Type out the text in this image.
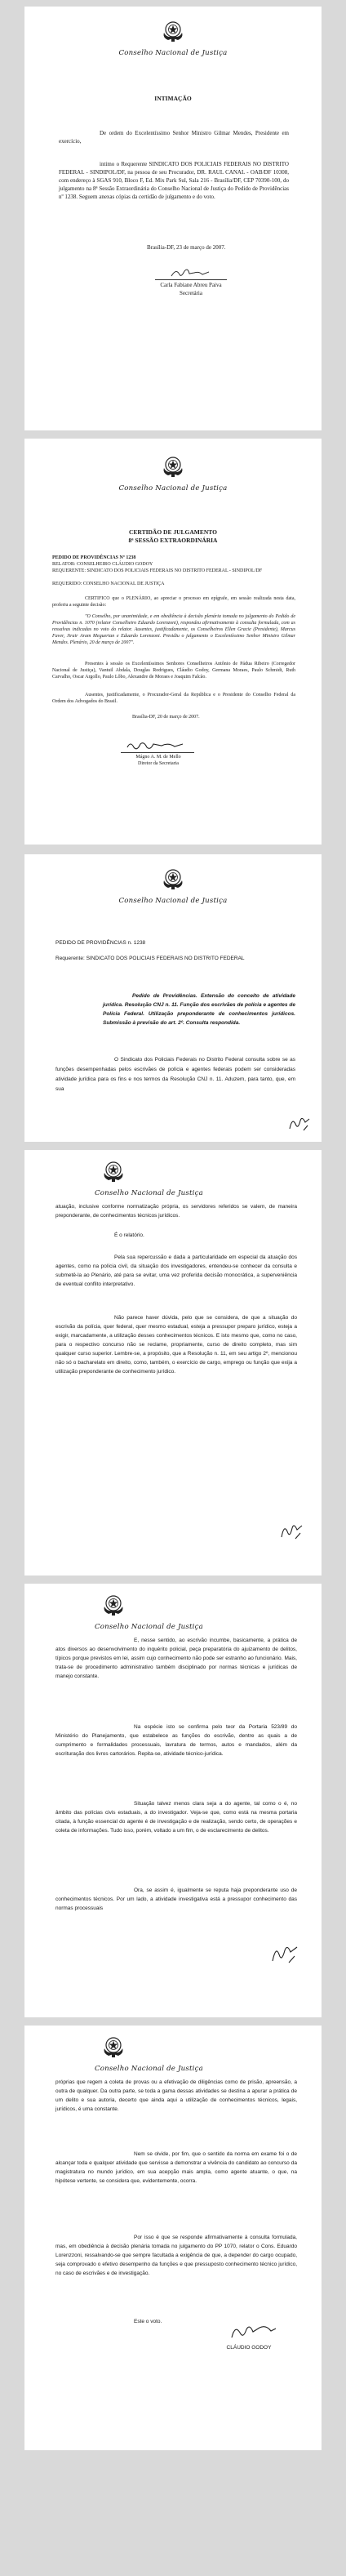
Conselho Nacional de Justiça
INTIMAÇÃO
De ordem do Excelentíssimo Senhor Ministro Gilmar Mendes, Presidente em exercício,
intimo o Requerente SINDICATO DOS POLICIAIS FEDERAIS NO DISTRITO FEDERAL - SINDIPOL/DF, na pessoa de seu Procurador, DR. RAUL CANAL - OAB/DF 10308, com endereço à SGAS 910, Bloco F, Ed. Mix Park Sul, Sala 216 - Brasília/DF, CEP 70390-100, do julgamento na 8ª Sessão Extraordinária do Conselho Nacional de Justiça do Pedido de Providências nº 1238. Seguem anexas cópias da certidão de julgamento e do voto.
Brasília-DF, 23 de março de 2007.
Carla Fabiane Abreu Paiva
Secretária
Conselho Nacional de Justiça
CERTIDÃO DE JULGAMENTO
8ª SESSÃO EXTRAORDINÁRIA
PEDIDO DE PROVIDÊNCIAS Nº 1238
RELATOR: CONSELHEIRO CLÁUDIO GODOY
REQUERENTE: SINDICATO DOS POLICIAIS FEDERAIS NO DISTRITO FEDERAL - SINDIPOL/DF
REQUERIDO: CONSELHO NACIONAL DE JUSTIÇA
CERTIFICO que o PLENÁRIO, ao apreciar o processo em epígrafe, em sessão realizada nesta data, proferiu a seguinte decisão:
"O Conselho, por unanimidade, e em obediência à decisão plenária tomada no julgamento do Pedido de Providências n. 1070 (relator Conselheiro Eduardo Lorenzoni), respondeu afirmativamente à consulta formulada, com as ressalvas indicadas no voto do relator. Ausentes, justificadamente, os Conselheiros Ellen Gracie (Presidente), Marcus Faver, Jirair Aram Meguerian e Eduardo Lorenzoni. Presidiu o julgamento o Excelentíssimo Senhor Ministro Gilmar Mendes. Plenário, 20 de março de 2007".
Presentes à sessão os Excelentíssimos Senhores Conselheiros Antônio de Pádua Ribeiro (Corregedor Nacional de Justiça), Vantuil Abdala, Douglas Rodrigues, Cláudio Godoy, Germana Moraes, Paulo Schmidt, Ruth Carvalho, Oscar Argollo, Paulo Lôbo, Alexandre de Moraes e Joaquim Falcão.
Ausentes, justificadamente, o Procurador-Geral da República e o Presidente do Conselho Federal da Ordem dos Advogados do Brasil.
Brasília-DF, 20 de março de 2007.
Mágno A. M. de Mello
Diretor da Secretaria
Conselho Nacional de Justiça
PEDIDO DE PROVIDÊNCIAS n. 1238
Requerente: SINDICATO DOS POLICIAIS FEDERAIS NO DISTRITO FEDERAL
Pedido de Providências. Extensão do conceito de atividade jurídica. Resolução CNJ n. 11. Função dos escrivães de polícia e agentes de Polícia Federal. Utilização preponderante de conhecimentos jurídicos. Submissão à previsão do art. 2º. Consulta respondida.
O Sindicato dos Policiais Federais no Distrito Federal consulta sobre se as funções desempenhadas pelos escrivães de polícia e agentes federais podem ser consideradas atividade jurídica para os fins e nos termos da Resolução CNJ n. 11. Aduzem, para tanto, que, em sua
Conselho Nacional de Justiça
atuação, inclusive conforme normatização própria, os servidores referidos se valem, de maneira preponderante, de conhecimentos técnicos jurídicos.
É o relatório.
Pela sua repercussão e dada a particularidade em especial da atuação dos agentes, como na polícia civil, da situação dos investigadores, entendeu-se conhecer da consulta e submetê-la ao Plenário, até para se evitar, uma vez proferida decisão monocrática, a superveniência de eventual conflito interpretativo.
Não parece haver dúvida, pelo que se considera, de que a situação do escrivão da polícia, quer federal, quer mesmo estadual, esteja a pressupor preparo jurídico, esteja a exigir, marcadamente, a utilização desses conhecimentos técnicos. E isto mesmo que, como no caso, para o respectivo concurso não se reclame, propriamente, curso de direito completo, mas sim qualquer curso superior. Lembre-se, a propósito, que a Resolução n. 11, em seu artigo 2º, mencionou não só o bacharelato em direito, como, também, o exercício de cargo, emprego ou função que exija a utilização preponderante de conhecimento jurídico.
Conselho Nacional de Justiça
E, nesse sentido, ao escrivão incumbe, basicamente, a prática de atos diversos ao desenvolvimento do inquérito policial, peça preparatória do ajuizamento de delitos, típicos porque previstos em lei, assim cujo conhecimento não pode ser estranho ao funcionário. Mais, trata-se de procedimento administrativo também disciplinado por normas técnicas e jurídicas de manejo constante.
Na espécie isto se confirma pelo teor da Portaria 523/89 do Ministério do Planejamento, que estabelece as funções do escrivão, dentre as quais a de cumprimento e formalidades processuais, lavratura de termos, autos e mandados, além da escrituração dos livros cartorários. Repita-se, atividade técnico-jurídica.
Situação talvez menos clara seja a do agente, tal como o é, no âmbito das polícias civis estaduais, a do investigador. Veja-se que, como está na mesma portaria citada, à função essencial do agente é de investigação e de realização, sendo certo, de operações e coleta de informações. Tudo isso, porém, voltado a um fim, o de esclarecimento de delitos.
Ora, se assim é, igualmente se reputa haja preponderante uso de conhecimentos técnicos. Por um lado, a atividade investigativa está a pressupor conhecimento das normas processuais
Conselho Nacional de Justiça
próprias que regem a coleta de provas ou a efetivação de diligências como de prisão, apreensão, a outra de qualquer. Da outra parte, se toda a gama dessas atividades se destina a apurar a prática de um delito e sua autoria, decerto que ainda aqui a utilização de conhecimentos técnicos, legais, jurídicos, é uma constante.
Nem se olvide, por fim, que o sentido da norma em exame foi o de alcançar toda e qualquer atividade que servisse a demonstrar a vivência do candidato ao concurso da magistratura no mundo jurídico, em sua acepção mais ampla, como agente atuante, o que, na hipótese vertente, se considera que, evidentemente, ocorra.
Por isso é que se responde afirmativamente à consulta formulada, mas, em obediência à decisão plenária tomada no julgamento do PP 1070, relator o Cons. Eduardo Lorenzzoni, ressalvando-se que sempre facultada a exigência de que, a depender do cargo ocupado, seja comprovado o efetivo desempenho da funções e que pressuposto conhecimento técnico jurídico, no caso de escrivães e de investigação.
Este o voto.
CLÁUDIO GODOY
